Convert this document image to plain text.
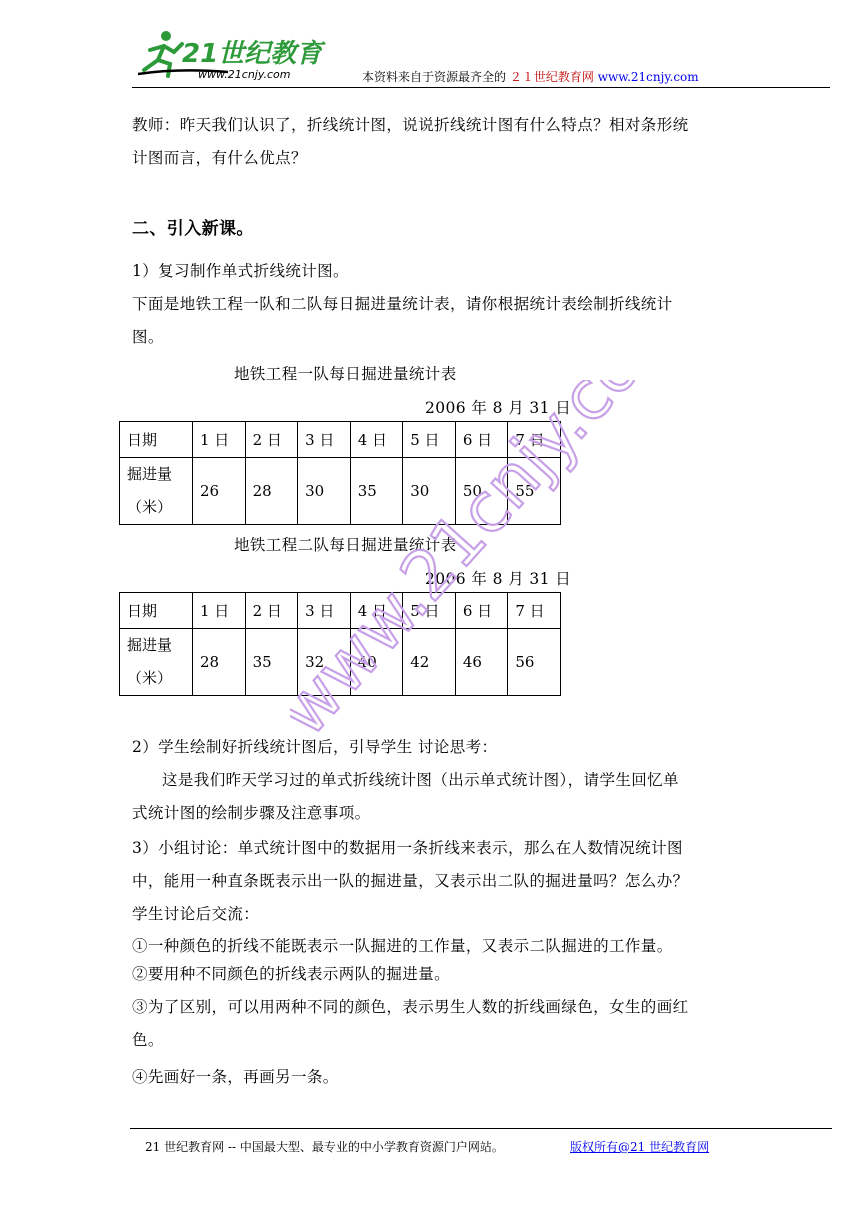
21世纪教育
www.21cnjy.com	本资料来自于资源最齐全的 ２１世纪教育网 www.21cnjy.com
教师：昨天我们认识了，折线统计图，说说折线统计图有什么特点？相对条形统
计图而言，有什么优点？
二、引入新课。
1）复习制作单式折线统计图。
下面是地铁工程一队和二队每日掘进量统计表，请你根据统计表绘制折线统计
图。
地铁工程一队每日掘进量统计表
2006 年 8 月 31 日
日期	1 日	2 日	3 日	4 日	5 日	6 日	7 日

掘进量
（米）	26	28	30	35	30	50	55
地铁工程二队每日掘进量统计表
2006 年 8 月 31 日
日期	1 日	2 日	3 日	4 日	5 日	6 日	7 日

掘进量
（米）	28	35	32	40	42	46	56
2）学生绘制好折线统计图后，引导学生 讨论思考：
这是我们昨天学习过的单式折线统计图（出示单式统计图），请学生回忆单
式统计图的绘制步骤及注意事项。
3）小组讨论：单式统计图中的数据用一条折线来表示，那么在人数情况统计图
中，能用一种直条既表示出一队的掘进量，又表示出二队的掘进量吗？怎么办？
学生讨论后交流：
①一种颜色的折线不能既表示一队掘进的工作量，又表示二队掘进的工作量。
②要用种不同颜色的折线表示两队的掘进量。
③为了区别，可以用两种不同的颜色，表示男生人数的折线画绿色，女生的画红
色。
④先画好一条，再画另一条。
www.21cnjy.com
21 世纪教育网 -- 中国最大型、最专业的中小学教育资源门户网站。	版权所有@21 世纪教育网
